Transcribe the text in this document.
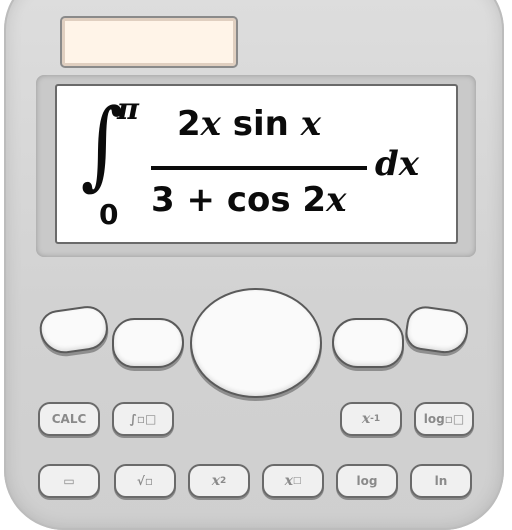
∫
π
0
2x sin x
3 + cos 2x
dx
CALC	∫▫□	x -1	log▫□
▭	√▫	x 2	x □	log	ln
